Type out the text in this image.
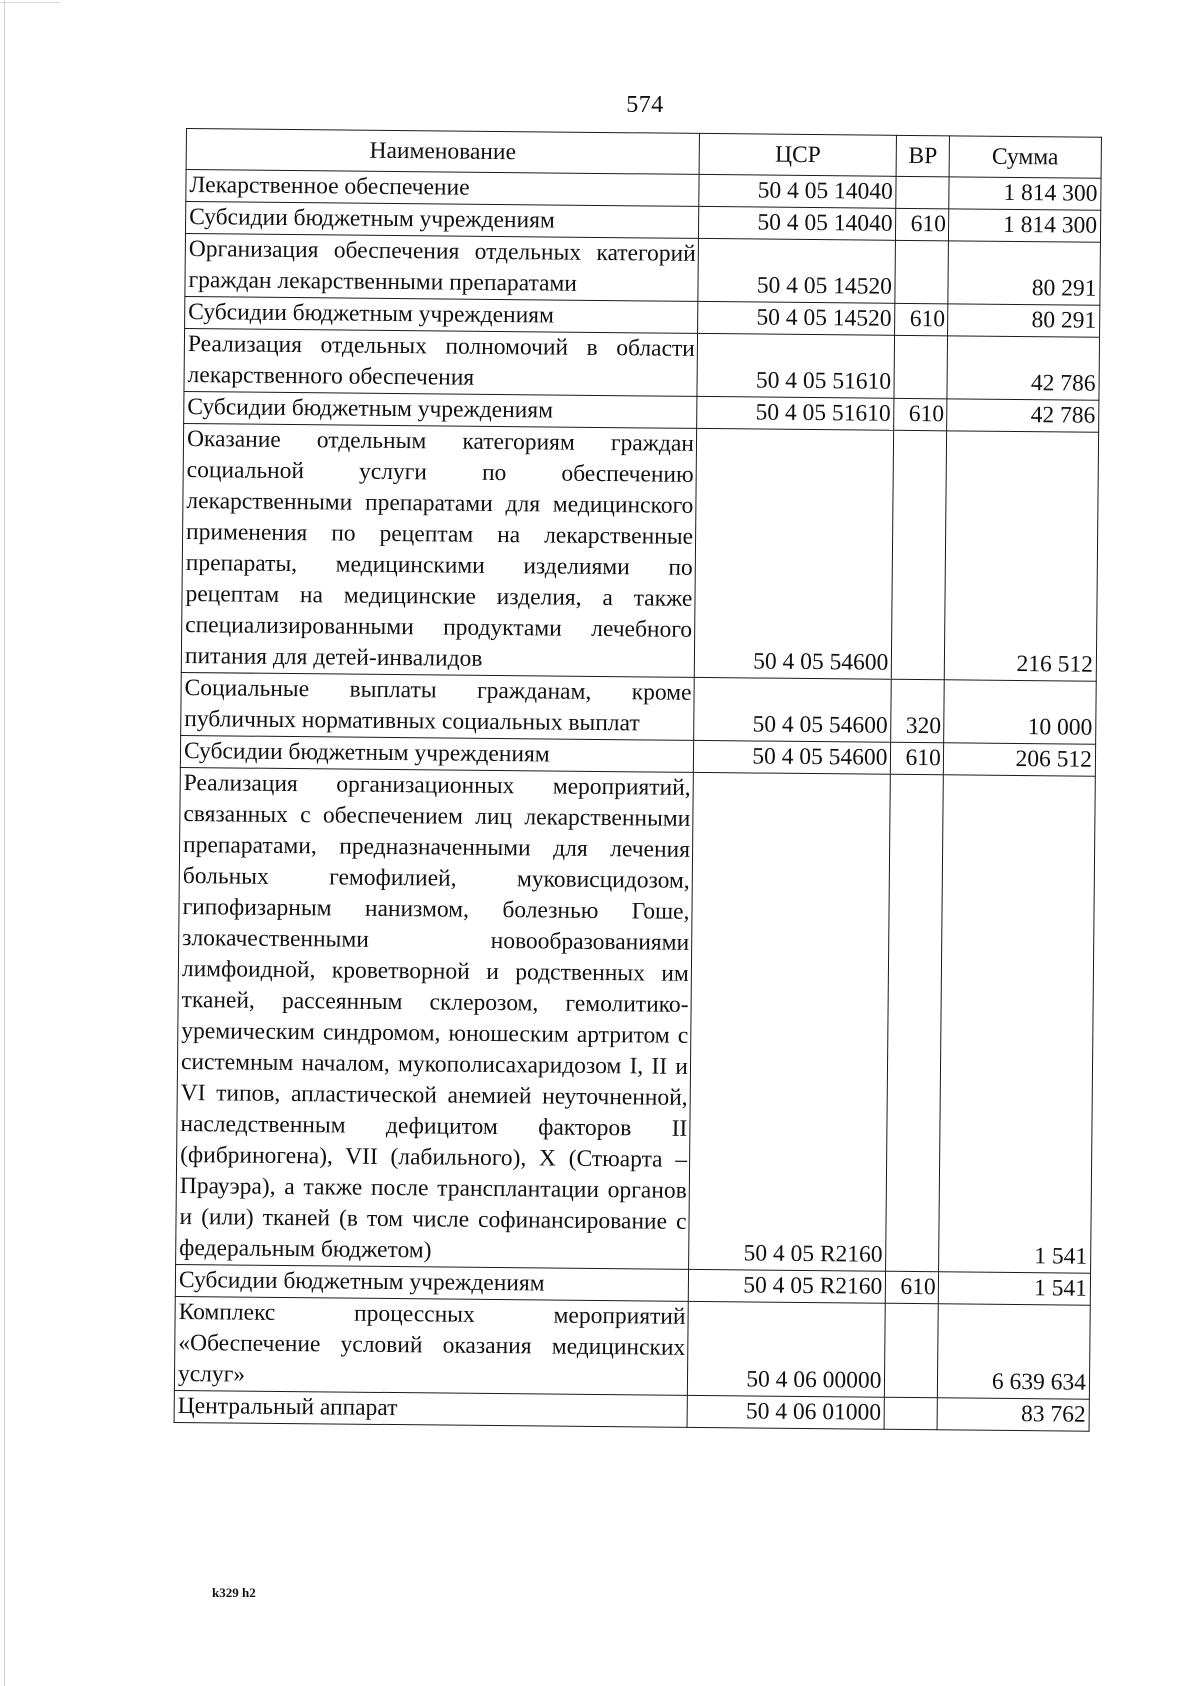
574
Наименование	ЦСР	ВР	Сумма
Лекарственное обеспечение	50 4 05 14040		1 814 300
Субсидии бюджетным учреждениям	50 4 05 14040	610	1 814 300
Организация обеспечения отдельных категорий граждан лекарственными препаратами	50 4 05 14520		80 291
Субсидии бюджетным учреждениям	50 4 05 14520	610	80 291
Реализация отдельных полномочий в области лекарственного обеспечения	50 4 05 51610		42 786
Субсидии бюджетным учреждениям	50 4 05 51610	610	42 786
Оказание отдельным категориям граждан социальной услуги по обеспечению лекарственными препаратами для медицинского применения по рецептам на лекарственные препараты, медицинскими изделиями по рецептам на медицинские изделия, а также специализированными продуктами лечебного питания для детей-инвалидов	50 4 05 54600		216 512
Социальные выплаты гражданам, кроме публичных нормативных социальных выплат	50 4 05 54600	320	10 000
Субсидии бюджетным учреждениям	50 4 05 54600	610	206 512
Реализация организационных мероприятий, связанных с обеспечением лиц лекарственными препаратами, предназначенными для лечения больных гемофилией, муковисцидозом, гипофизарным нанизмом, болезнью Гоше, злокачественными новообразованиями лимфоидной, кроветворной и родственных им тканей, рассеянным склерозом, гемолитико-уремическим синдромом, юношеским артритом с системным началом, мукополисахаридозом I, II и VI типов, апластической анемией неуточненной, наследственным дефицитом факторов II (фибриногена), VII (лабильного), X (Стюарта – Прауэра), а также после трансплантации органов и (или) тканей (в том числе софинансирование с федеральным бюджетом)	50 4 05 R2160		1 541
Субсидии бюджетным учреждениям	50 4 05 R2160	610	1 541
Комплекс процессных мероприятий «Обеспечение условий оказания медицинских услуг»	50 4 06 00000		6 639 634
Центральный аппарат	50 4 06 01000		83 762
k329 h2
